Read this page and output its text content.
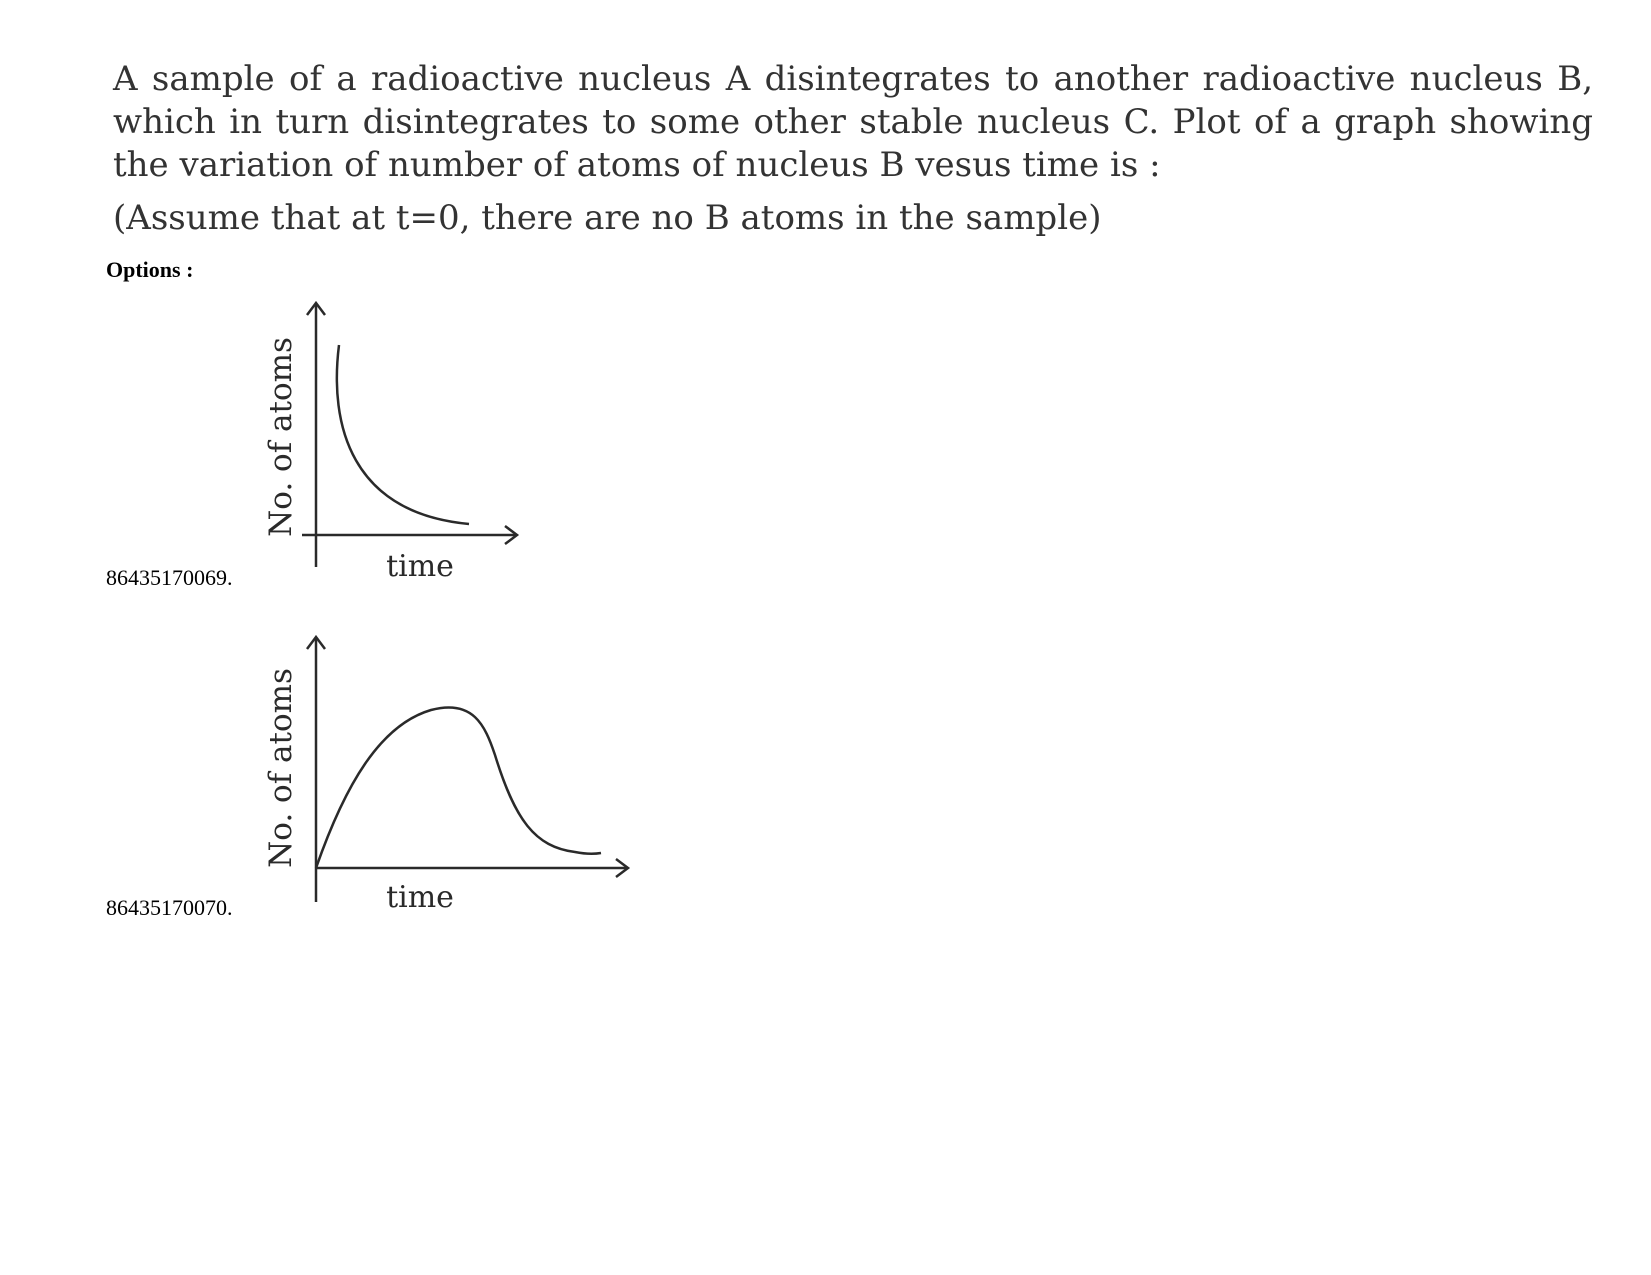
A sample of a radioactive nucleus A disintegrates to another radioactive nucleus B, which in turn disintegrates to some other stable nucleus C. Plot of a graph showing the variation of number of atoms of nucleus B vesus time is :

(Assume that at t=0, there are no B atoms in the sample)

Options :
86435170069.
No. of atoms
time
86435170070.
No. of atoms
time
